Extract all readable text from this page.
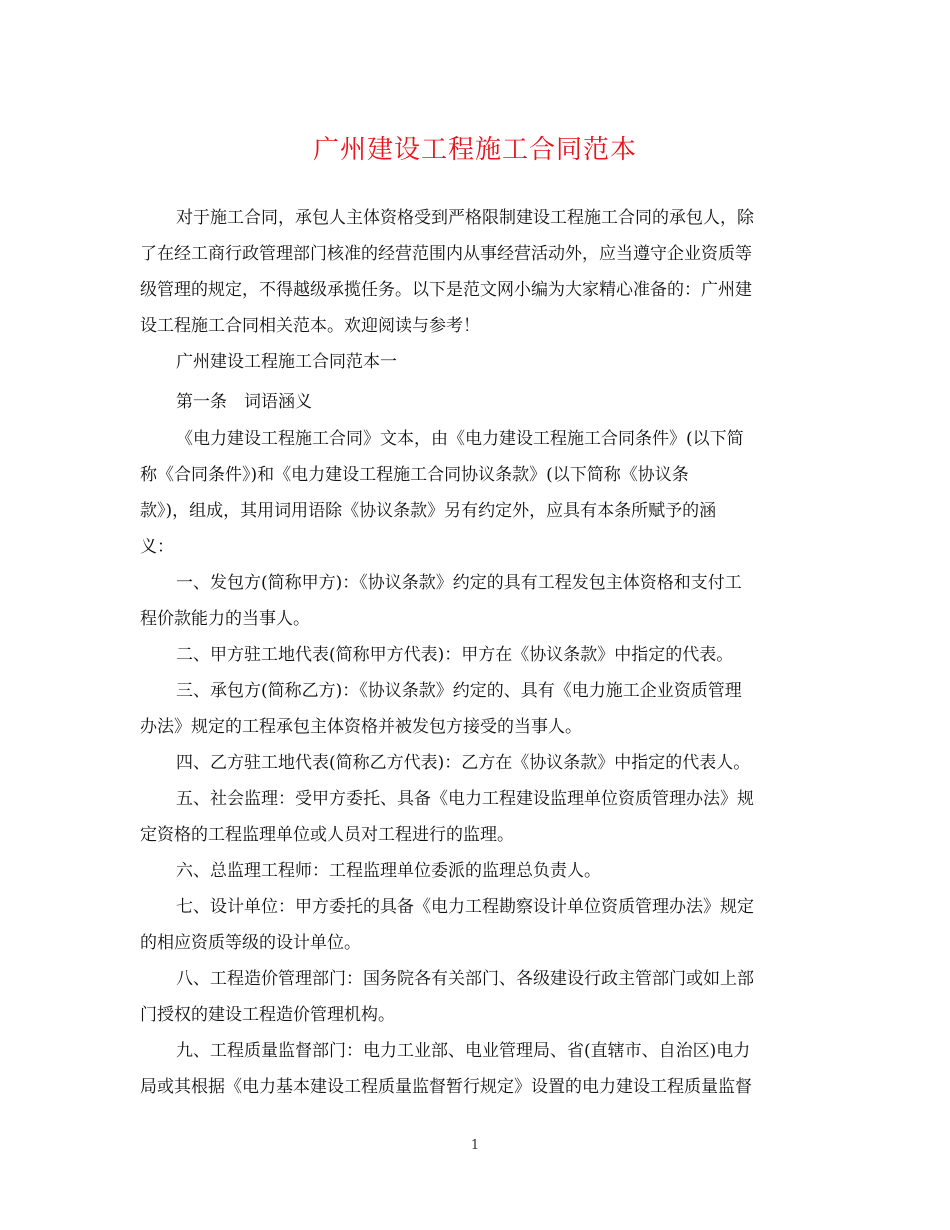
广州建设工程施工合同范本
对于施工合同，承包人主体资格受到严格限制建设工程施工合同的承包人，除
了在经工商行政管理部门核准的经营范围内从事经营活动外，应当遵守企业资质等
级管理的规定，不得越级承揽任务。以下是范文网小编为大家精心准备的：广州建
设工程施工合同相关范本。欢迎阅读与参考！
广州建设工程施工合同范本一
第一条　词语涵义
《电力建设工程施工合同》文本，由《电力建设工程施工合同条件》(以下简
称《合同条件》)和《电力建设工程施工合同协议条款》(以下简称《协议条
款》)，组成，其用词用语除《协议条款》另有约定外，应具有本条所赋予的涵
义：
一、发包方(简称甲方)：《协议条款》约定的具有工程发包主体资格和支付工
程价款能力的当事人。
二、甲方驻工地代表(简称甲方代表)：甲方在《协议条款》中指定的代表。
三、承包方(简称乙方)：《协议条款》约定的、具有《电力施工企业资质管理
办法》规定的工程承包主体资格并被发包方接受的当事人。
四、乙方驻工地代表(简称乙方代表)：乙方在《协议条款》中指定的代表人。
五、社会监理：受甲方委托、具备《电力工程建设监理单位资质管理办法》规
定资格的工程监理单位或人员对工程进行的监理。
六、总监理工程师：工程监理单位委派的监理总负责人。
七、设计单位：甲方委托的具备《电力工程勘察设计单位资质管理办法》规定
的相应资质等级的设计单位。
八、工程造价管理部门：国务院各有关部门、各级建设行政主管部门或如上部
门授权的建设工程造价管理机构。
九、工程质量监督部门：电力工业部、电业管理局、省(直辖市、自治区)电力
局或其根据《电力基本建设工程质量监督暂行规定》设置的电力建设工程质量监督
1
